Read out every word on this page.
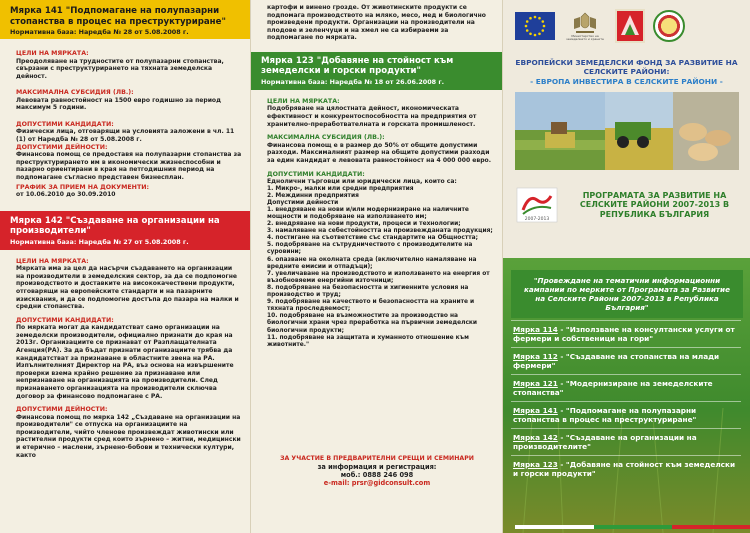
Мярка 141 "Подпомагане на полупазарни стопанства в процес на преструктуриране"
Нормативна база: Наредба № 28 от 5.08.2008 г.
ЦЕЛИ НА МЯРКАТА:
Преодоляване на трудностите от полупазарни стопанства, свързани с преструктурирането на тяхната земеделска дейност.
МАКСИМАЛНА СУБСИДИЯ (ЛВ.):
Левовата равностойност на 1500 евро годишно за период максимум 5 години.
ДОПУСТИМИ КАНДИДАТИ:
Физически лица, отговарящи на условията заложени в чл. 11 (1) от Наредба № 28 от 5.08.2008 г.
ДОПУСТИМИ ДЕЙНОСТИ:
Финансова помощ се предоставя на полупазарни стопанства за преструктурирането им в икономически жизнеспособни и пазарно ориентирани в края на петгодишния период на подпомагане съгласно представен бизнесплан.
ГРАФИК ЗА ПРИЕМ НА ДОКУМЕНТИ:
от 10.06.2010 до 30.09.2010
Мярка 142 "Създаване на организации на производители"
Нормативна база: Наредба № 27 от 5.08.2008 г.
ЦЕЛИ НА МЯРКАТА:
Мярката има за цел да насърчи създаването на организации на производители в земеделския сектор, за да се подпомогне производството и доставките на висококачествени продукти, отговарящи на европейските стандарти и на пазарните изисквания, и да се подпомогне достъпа до пазара на малки и средни стопанства.
ДОПУСТИМИ КАНДИДАТИ:
По мярката могат да кандидатстват само организации на земеделски производители, официално признати до края на 2013г. Организациите се признават от Разплащателната Агенция(РА). За да бъдат признати организациите трябва да кандидатстват за признаване в областните звена на РА. Изпълнителният Директор на РА, въз основа на извършените проверки взема крайно решение за признаване или непризнаване на организацията на производители. След признаването организацията на производители сключва договор за финансово подпомагане с РА.
ДОПУСТИМИ ДЕЙНОСТИ:
Финансова помощ по мярка 142 „Създаване на организации на производители" се отпуска на организациите на производители, чийто членове произвеждат животински или растителни продукти сред които зърнено – житни, медицински и етерично – маслени, зърнено-бобови и технически култури, както
картофи и винено грозде. От животинските продукти се подпомага производството на мляко, месо, мед и биологично произведени продукти. Организации на производители на плодове и зеленчуци и на хмел не са избираеми за подпомагане по мярката.
Мярка 123 "Добавяне на стойност към земеделски и горски продукти"
Нормативна база: Наредба № 18 от 26.06.2008 г.
ЦЕЛИ НА МЯРКАТА:
Подобряване на цялостната дейност, икономическата ефективност и конкурентоспособността на предприятия от хранително-преработвателната и горската промишленост.
МАКСИМАЛНА СУБСИДИЯ (ЛВ.):
Финансова помощ е в размер до 50% от общите допустими разходи. Максималният размер на общите допустими разходи за един кандидат е левовата равностойност на 4 000 000 евро.
ДОПУСТИМИ КАНДИДАТИ:
Еднолични търговци или юридически лица, които са:
1. Микро-, малки или средни предприятия
2. Междинни предприятия
Допустими дейности
1. внедряване на нови и/или модернизиране на наличните мощности и подобряване на използването им;
2. внедряване на нови продукти, процеси и технологии;
3. намаляване на себестойността на произвежданата продукция;
4. постигане на съответствие със стандартите на Общността;
5. подобряване на сътрудничеството с производителите на суровини;
6. опазване на околната среда (включително намаляване на вредните емисии и отпадъци);
7. увеличаване на производството и използването на енергия от възобновяеми енергийни източници;
8. подобряване на безопасността и хигиенните условия на производство и труд;
9. подобряване на качеството и безопасността на храните и тяхната проследяемост;
10. подобряване на възможностите за производство на биологични храни чрез преработка на първични земеделски биологични продукти;
11. подобряване на защитата и хуманното отношение към животните."
ЗА УЧАСТИЕ В ПРЕДВАРИТЕЛНИ СРЕЩИ И СЕМИНАРИ
за информация и регистрация:
моб.: 0888 246 098
e-mail: prsr@gidconsult.com
Министерство на земеделието и храните
ЕВРОПЕЙСКИ ЗЕМЕДЕЛСКИ ФОНД ЗА РАЗВИТИЕ НА СЕЛСКИТЕ РАЙОНИ:
- ЕВРОПА ИНВЕСТИРА В СЕЛСКИТЕ РАЙОНИ -
2007-2013
ПРОГРАМАТА ЗА РАЗВИТИЕ НА СЕЛСКИТЕ РАЙОНИ 2007-2013 В РЕПУБЛИКА БЪЛГАРИЯ
"Провеждане на тематични информационни кампании по мерките от Програмата за Развитие на Селските Райони 2007-2013 в Република България"
Мярка 114 - "Използване на консултански услуги от фермери и собственици на гори"
Мярка 112 - "Създаване на стопанства на млади фермери"
Мярка 121 - "Модернизиране на земеделските стопанства"
Мярка 141 - "Подпомагане на полупазарни стопанства в процес на преструктуриране"
Мярка 142 - "Създаване на организации на производителите"
Мярка 123 - "Добавяне на стойност към земеделски и горски продукти"
